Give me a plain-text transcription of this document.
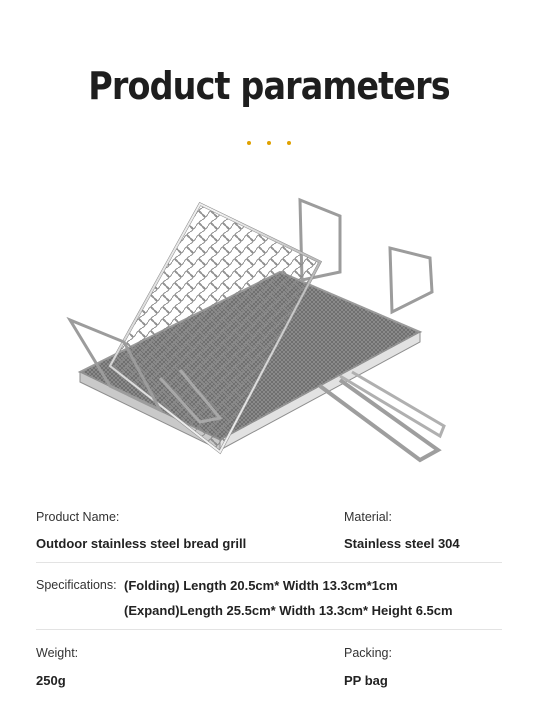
Product parameters
Product Name:	Material:
Outdoor stainless steel bread grill	Stainless steel 304
Specifications: (Folding) Length 20.5cm* Width 13.3cm*1cm
(Expand)Length 25.5cm* Width 13.3cm* Height 6.5cm
Weight:	Packing:
250g	PP bag
